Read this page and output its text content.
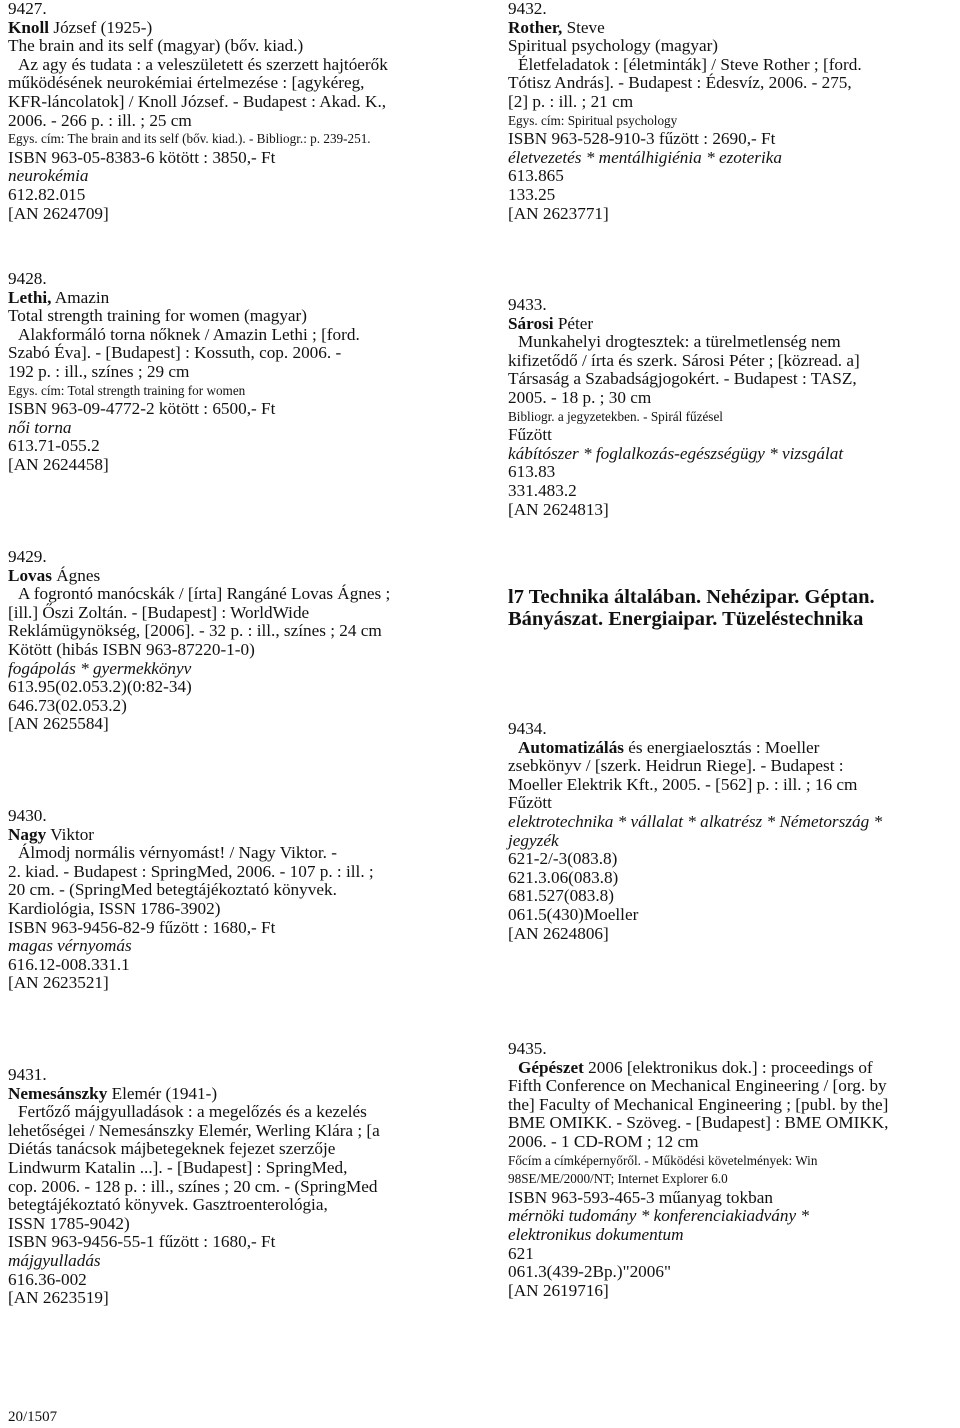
9427.
Knoll József (1925-)
The brain and its self (magyar) (bőv. kiad.)
Az agy és tudata : a veleszületett és szerzett hajtóerők
működésének neurokémiai értelmezése : [agykéreg,
KFR-láncolatok] / Knoll József. - Budapest : Akad. K.,
2006. - 266 p. : ill. ; 25 cm
Egys. cím: The brain and its self (bőv. kiad.). - Bibliogr.: p. 239-251.
ISBN 963-05-8383-6 kötött : 3850,- Ft
neurokémia
612.82.015
[AN 2624709]
9428.
Lethi, Amazin
Total strength training for women (magyar)
Alakformáló torna nőknek / Amazin Lethi ; [ford.
Szabó Éva]. - [Budapest] : Kossuth, cop. 2006. -
192 p. : ill., színes ; 29 cm
Egys. cím: Total strength training for women
ISBN 963-09-4772-2 kötött : 6500,- Ft
női torna
613.71-055.2
[AN 2624458]
9429.
Lovas Ágnes
A fogrontó manócskák / [írta] Rangáné Lovas Ágnes ;
[ill.] Őszi Zoltán. - [Budapest] : WorldWide
Reklámügynökség, [2006]. - 32 p. : ill., színes ; 24 cm
Kötött (hibás ISBN 963-87220-1-0)
fogápolás * gyermekkönyv
613.95(02.053.2)(0:82-34)
646.73(02.053.2)
[AN 2625584]
9430.
Nagy Viktor
Álmodj normális vérnyomást! / Nagy Viktor. -
2. kiad. - Budapest : SpringMed, 2006. - 107 p. : ill. ;
20 cm. - (SpringMed betegtájékoztató könyvek.
Kardiológia, ISSN 1786-3902)
ISBN 963-9456-82-9 fűzött : 1680,- Ft
magas vérnyomás
616.12-008.331.1
[AN 2623521]
9431.
Nemesánszky Elemér (1941-)
Fertőző májgyulladások : a megelőzés és a kezelés
lehetőségei / Nemesánszky Elemér, Werling Klára ; [a
Diétás tanácsok májbetegeknek fejezet szerzője
Lindwurm Katalin ...]. - [Budapest] : SpringMed,
cop. 2006. - 128 p. : ill., színes ; 20 cm. - (SpringMed
betegtájékoztató könyvek. Gasztroenterológia,
ISSN 1785-9042)
ISBN 963-9456-55-1 fűzött : 1680,- Ft
májgyulladás
616.36-002
[AN 2623519]
9432.
Rother, Steve
Spiritual psychology (magyar)
Életfeladatok : [életminták] / Steve Rother ; [ford.
Tótisz András]. - Budapest : Édesvíz, 2006. - 275,
[2] p. : ill. ; 21 cm
Egys. cím: Spiritual psychology
ISBN 963-528-910-3 fűzött : 2690,- Ft
életvezetés * mentálhigiénia * ezoterika
613.865
133.25
[AN 2623771]
9433.
Sárosi Péter
Munkahelyi drogtesztek: a türelmetlenség nem
kifizetődő / írta és szerk. Sárosi Péter ; [közread. a]
Társaság a Szabadságjogokért. - Budapest : TASZ,
2005. - 18 p. ; 30 cm
Bibliogr. a jegyzetekben. - Spirál fűzésel
Fűzött
kábítószer * foglalkozás-egészségügy * vizsgálat
613.83
331.483.2
[AN 2624813]
l7 Technika általában. Nehézipar. Géptan.
Bányászat. Energiaipar. Tüzeléstechnika
9434.
Automatizálás és energiaelosztás : Moeller
zsebkönyv / [szerk. Heidrun Riege]. - Budapest :
Moeller Elektrik Kft., 2005. - [562] p. : ill. ; 16 cm
Fűzött
elektrotechnika * vállalat * alkatrész * Németország *
jegyzék
621-2/-3(083.8)
621.3.06(083.8)
681.527(083.8)
061.5(430)Moeller
[AN 2624806]
9435.
Gépészet 2006 [elektronikus dok.] : proceedings of
Fifth Conference on Mechanical Engineering / [org. by
the] Faculty of Mechanical Engineering ; [publ. by the]
BME OMIKK. - Szöveg. - [Budapest] : BME OMIKK,
2006. - 1 CD-ROM ; 12 cm
Főcím a címképernyőről. - Működési követelmények: Win
98SE/ME/2000/NT; Internet Explorer 6.0
ISBN 963-593-465-3 műanyag tokban
mérnöki tudomány * konferenciakiadvány *
elektronikus dokumentum
621
061.3(439-2Bp.)"2006"
[AN 2619716]
20/1507
